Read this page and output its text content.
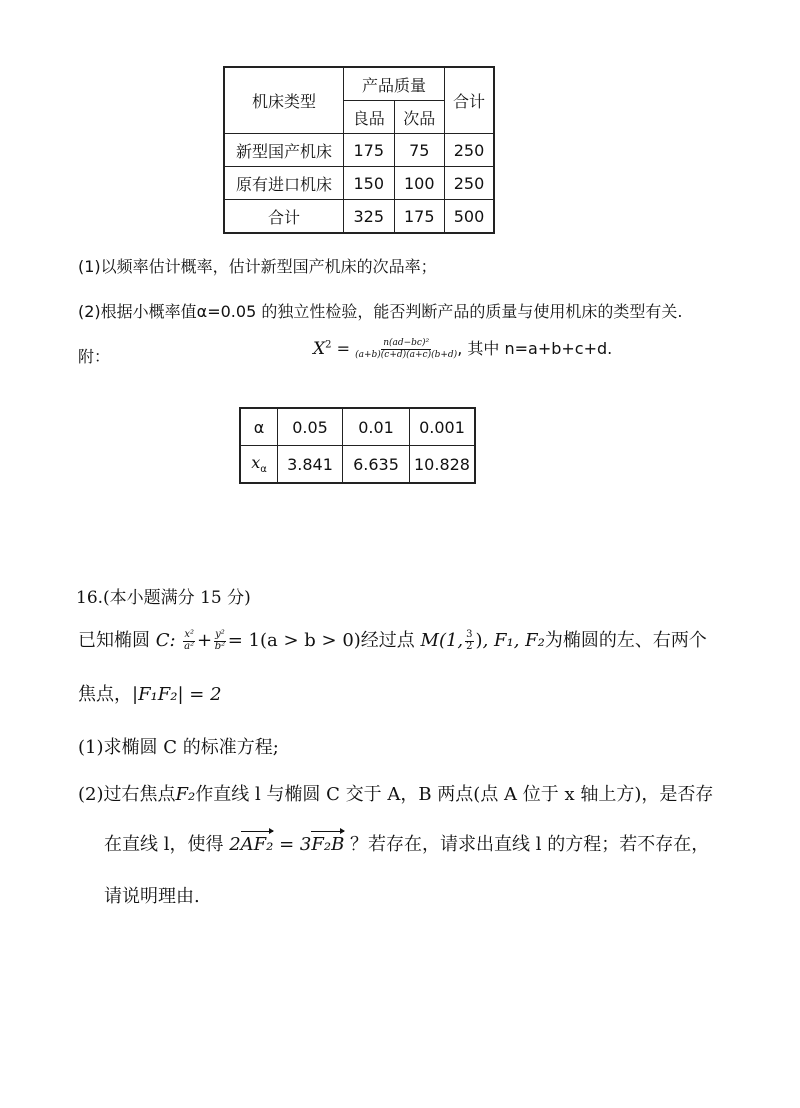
机床类型	产品质量		合计
	良品	次品	
新型国产机床	175	75	250
原有进口机床	150	100	250
合计	325	175	500
(1)以频率估计概率，估计新型国产机床的次品率；
(2)根据小概率值α=0.05 的独立性检验，能否判断产品的质量与使用机床的类型有关.
附：	$X^2 = \frac{\text{n(ad−bc)²}}{(a+b)(c+d)(a+c)(b+d)}$ , 其中 n=a+b+c+d.
α	0.05	0.01	0.001
$x_\alpha$	3.841	6.635	10.828
16.(本小题满分 15 分)
已知椭圆 C: $\frac{\text{x²}}{\text{a²}} + \frac{\text{y²}}{\text{b²}} = 1(a > b > 0)$经过点 M(1, $\frac{3}{2}$ ), F₁, F₂为椭圆的左、右两个
焦点，|F₁F₂| = 2
(1)求椭圆 C 的标准方程;
(2)过右焦点F₂作直线 l 与椭圆 C 交于 A，B 两点(点 A 位于 x 轴上方)，是否存
在直线 l，使得 2AF₂ = 3F₂B ？若存在，请求出直线 l 的方程；若不存在，
请说明理由.
